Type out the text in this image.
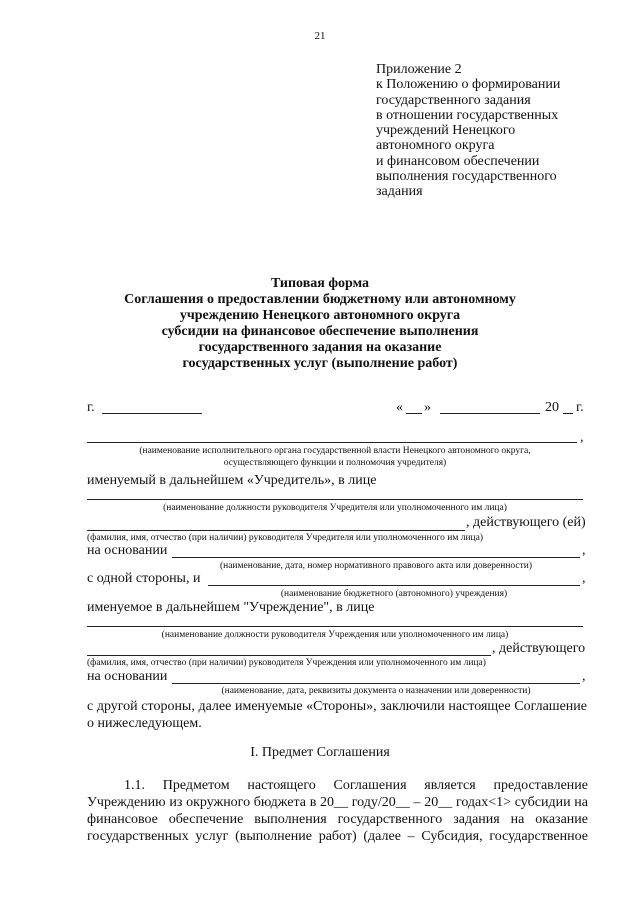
21
Приложение 2
к Положению о формировании
государственного задания
в отношении государственных
учреждений Ненецкого
автономного округа
и финансовом обеспечении
выполнения государственного
задания
Типовая форма
Соглашения о предоставлении бюджетному или автономному
учреждению Ненецкого автономного округа
субсидии на финансовое обеспечение выполнения
государственного задания на оказание
государственных услуг (выполнение работ)
г.	« »	20 г.
,
(наименование исполнительного органа государственной власти Ненецкого автономного округа,
осуществляющего функции и полномочия учредителя)
именуемый в дальнейшем «Учредитель», в лице
(наименование должности руководителя Учредителя или уполномоченного им лица)
, действующего (ей)
(фамилия, имя, отчество (при наличии) руководителя Учредителя или уполномоченного им лица)
на основании	,
(наименование, дата, номер нормативного правового акта или доверенности)
с одной стороны, и	,
(наименование бюджетного (автономного) учреждения)
именуемое в дальнейшем "Учреждение", в лице
(наименование должности руководителя Учреждения или уполномоченного им лица)
, действующего
(фамилия, имя, отчество (при наличии) руководителя Учреждения или уполномоченного им лица)
на основании	,
(наименование, дата, реквизиты документа о назначении или доверенности)
с другой стороны, далее именуемые «Стороны», заключили настоящее Соглашение
о нижеследующем.
I. Предмет Соглашения
1.1. Предметом настоящего Соглашения является предоставление
Учреждению из окружного бюджета в 20__ году/20__ – 20__ годах<1> субсидии на
финансовое обеспечение выполнения государственного задания на оказание
государственных услуг (выполнение работ) (далее – Субсидия, государственное
